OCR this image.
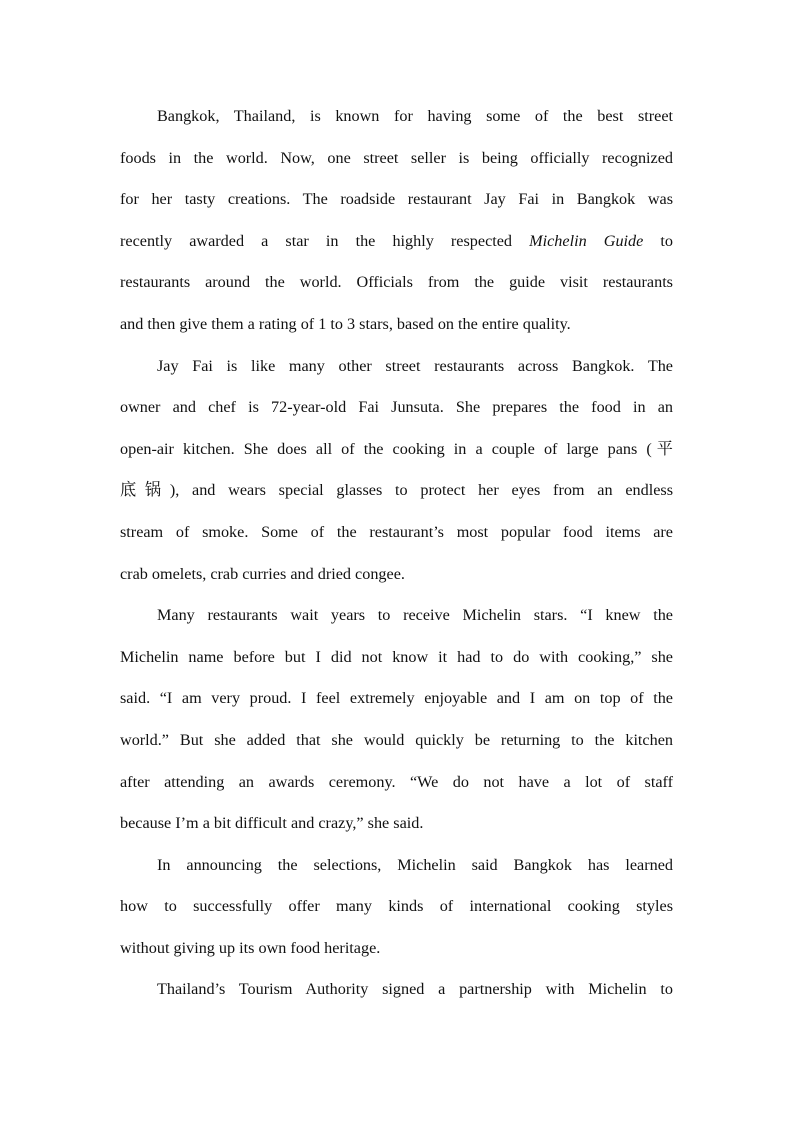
Bangkok, Thailand, is known for having some of the best street
foods in the world. Now, one street seller is being officially recognized
for her tasty creations. The roadside restaurant Jay Fai in Bangkok was
recently awarded a star in the highly respected Michelin Guide to
restaurants around the world. Officials from the guide visit restaurants
and then give them a rating of 1 to 3 stars, based on the entire quality.
Jay Fai is like many other street restaurants across Bangkok. The
owner and chef is 72-year-old Fai Junsuta. She prepares the food in an
open-air kitchen. She does all of the cooking in a couple of large pans (平
底锅), and wears special glasses to protect her eyes from an endless
stream of smoke. Some of the restaurant’s most popular food items are
crab omelets, crab curries and dried congee.
Many restaurants wait years to receive Michelin stars. “I knew the
Michelin name before but I did not know it had to do with cooking,” she
said. “I am very proud. I feel extremely enjoyable and I am on top of the
world.” But she added that she would quickly be returning to the kitchen
after attending an awards ceremony. “We do not have a lot of staff
because I’m a bit difficult and crazy,” she said.
In announcing the selections, Michelin said Bangkok has learned
how to successfully offer many kinds of international cooking styles
without giving up its own food heritage.
Thailand’s Tourism Authority signed a partnership with Michelin to
